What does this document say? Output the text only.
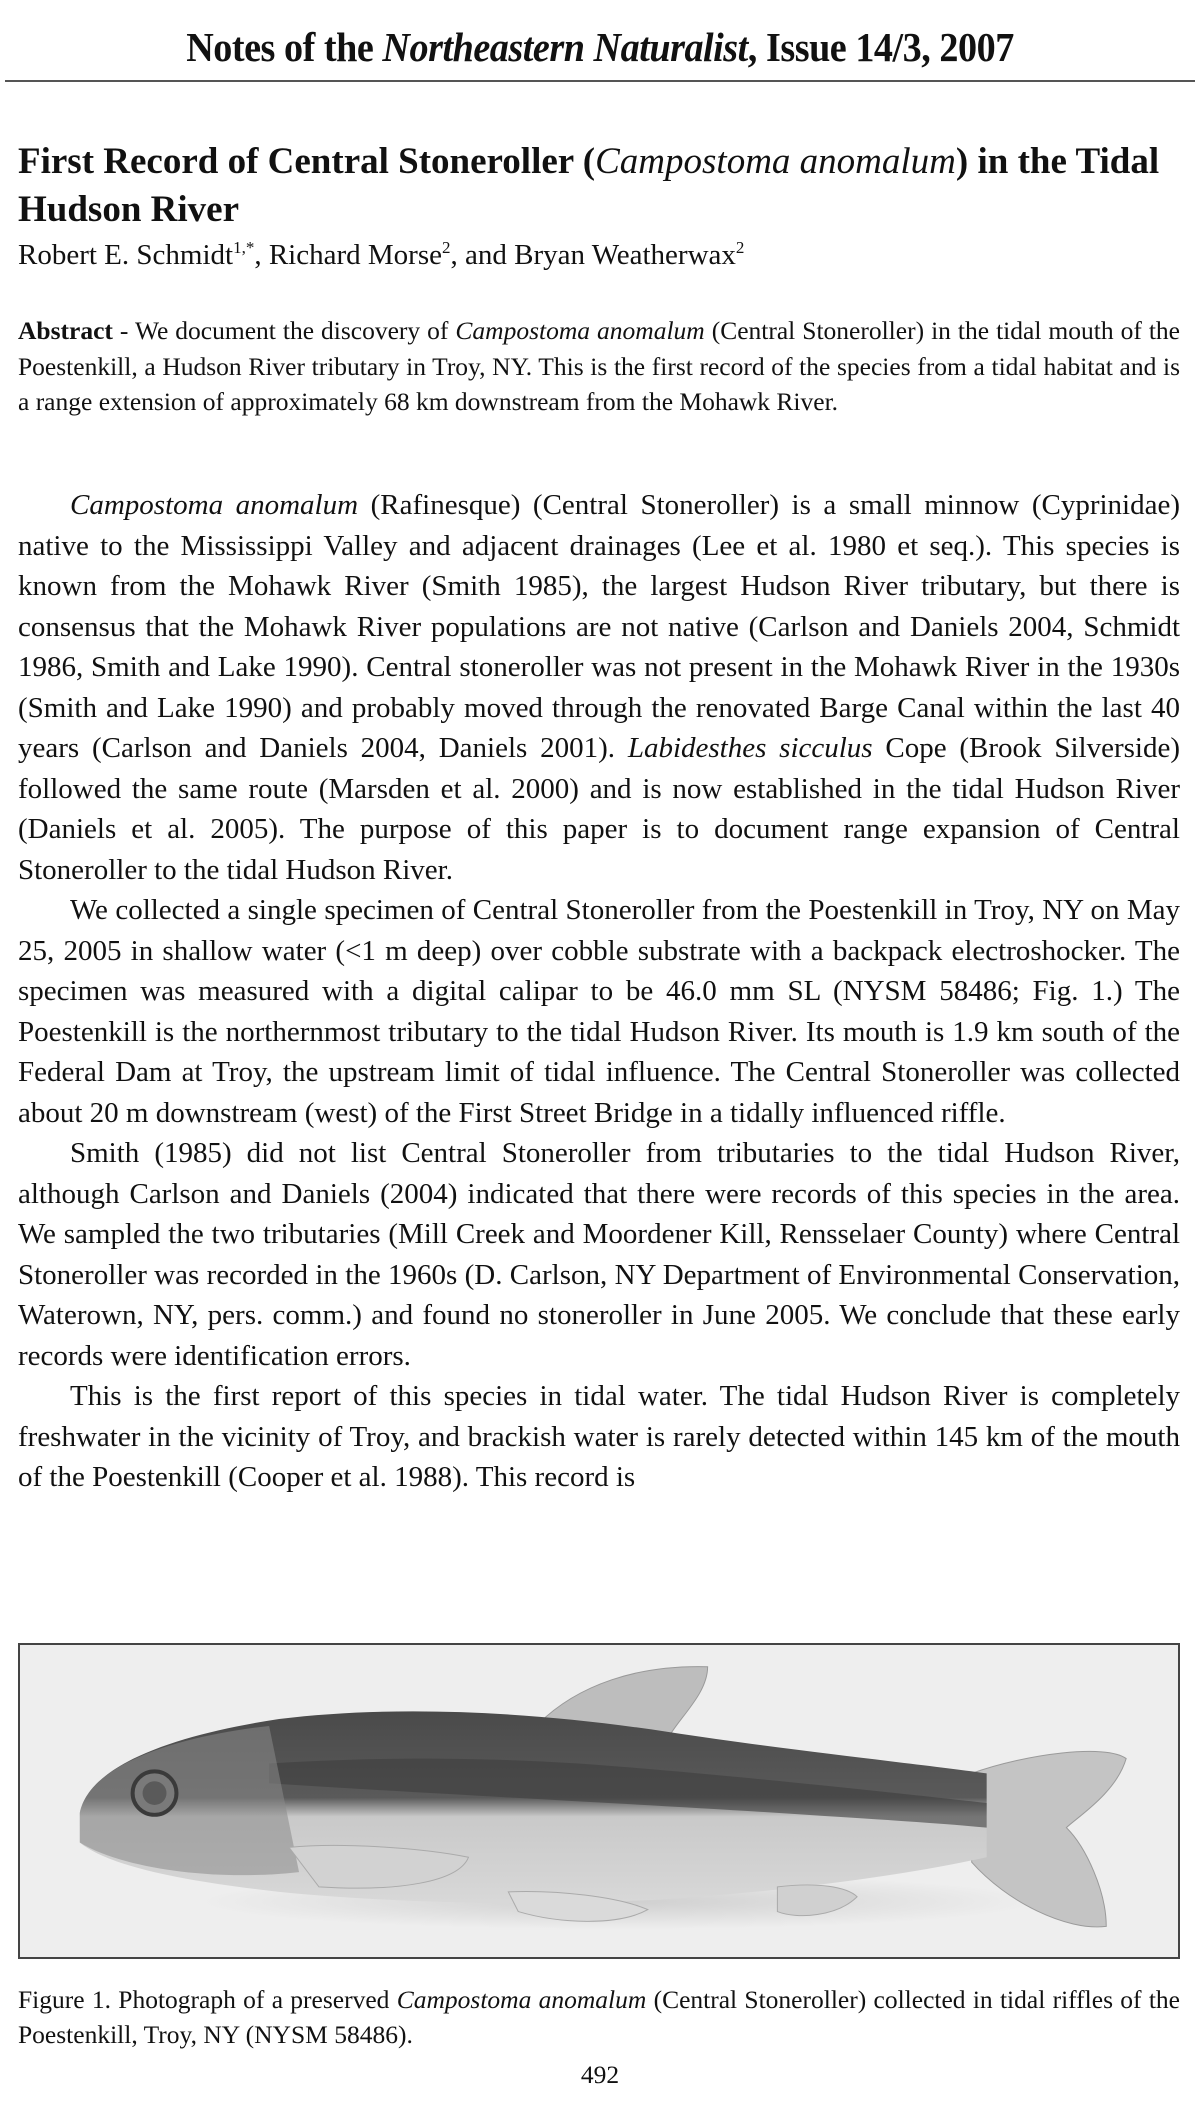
Notes of the Northeastern Naturalist, Issue 14/3, 2007
First Record of Central Stoneroller (Campostoma anomalum) in the Tidal Hudson River
Robert E. Schmidt$^{1,*}$, Richard Morse$^2$, and Bryan Weatherwax$^2$
Abstract - We document the discovery of Campostoma anomalum (Central Stoneroller) in the tidal mouth of the Poestenkill, a Hudson River tributary in Troy, NY. This is the first record of the species from a tidal habitat and is a range extension of approximately 68 km downstream from the Mohawk River.

Campostoma anomalum (Rafinesque) (Central Stoneroller) is a small minnow (Cyprinidae) native to the Mississippi Valley and adjacent drainages (Lee et al. 1980 et seq.). This species is known from the Mohawk River (Smith 1985), the largest Hudson River tributary, but there is consensus that the Mohawk River populations are not native (Carlson and Daniels 2004, Schmidt 1986, Smith and Lake 1990). Central stoneroller was not present in the Mohawk River in the 1930s (Smith and Lake 1990) and probably moved through the renovated Barge Canal within the last 40 years (Carlson and Daniels 2004, Daniels 2001). Labidesthes sicculus Cope (Brook Silverside) followed the same route (Marsden et al. 2000) and is now established in the tidal Hudson River (Daniels et al. 2005). The purpose of this paper is to document range expansion of Central Stoneroller to the tidal Hudson River.

We collected a single specimen of Central Stoneroller from the Poestenkill in Troy, NY on May 25, 2005 in shallow water (<1 m deep) over cobble substrate with a backpack electroshocker. The specimen was measured with a digital calipar to be 46.0 mm SL (NYSM 58486; Fig. 1.) The Poestenkill is the northernmost tributary to the tidal Hudson River. Its mouth is 1.9 km south of the Federal Dam at Troy, the upstream limit of tidal influence. The Central Stoneroller was collected about 20 m downstream (west) of the First Street Bridge in a tidally influenced riffle.

Smith (1985) did not list Central Stoneroller from tributaries to the tidal Hudson River, although Carlson and Daniels (2004) indicated that there were records of this species in the area. We sampled the two tributaries (Mill Creek and Moordener Kill, Rensselaer County) where Central Stoneroller was recorded in the 1960s (D. Carlson, NY Department of Environmental Conservation, Waterown, NY, pers. comm.) and found no stoneroller in June 2005. We conclude that these early records were identification errors.

This is the first report of this species in tidal water. The tidal Hudson River is completely freshwater in the vicinity of Troy, and brackish water is rarely detected within 145 km of the mouth of the Poestenkill (Cooper et al. 1988). This record is

Figure 1. Photograph of a preserved Campostoma anomalum (Central Stoneroller) collected in tidal riffles of the Poestenkill, Troy, NY (NYSM 58486).
492
